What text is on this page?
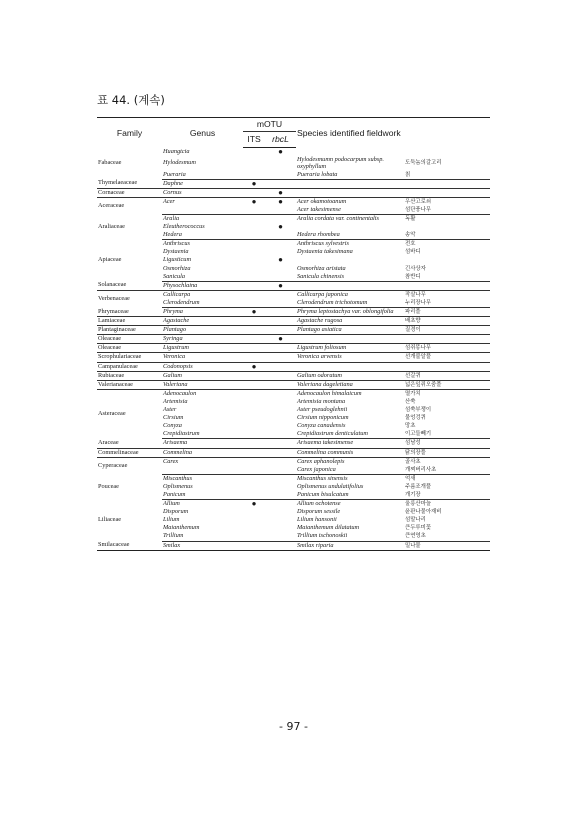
표 44. (계속)
Family	Genus	mOTU		Species identified fieldwork	
		ITS	rbcL		
Fabaceae	Huangtcia		●		
	Hylodesmum			Hylodesmumn podocarpum subsp. oxyphyllum	도둑놈의갈고리
	Pueraria			Pueraria lobata	칡
Thymelaeaceae	Daphne	●			
Cornaceae	Cornus		●		
Aceraceae	Acer	●	●	Acer okamotoanum	우산고로쇠
				Acer takesimense	섬단풍나무
Araliaceae	Aralia			Aralia cordata var. continentalis	독활
	Eleutherococcus		●		
	Hedera			Hedera rhombea	송악
Apiaceae	Anthriscus			Anthriscus sylvestris	전호
	Dystaenia			Dystaenia takesimana	섬바디
	Ligusticum		●		
	Osmorhiza			Osmorhiza aristata	긴사상자
	Sanicula			Sanicula chinensis	참반디
Solanaceae	Physochlaina		●		
Verbenaceae	Callicarpa			Callicarpa japonica	작살나무
	Clerodendrum			Clerodendrum trichotomum	누리장나무
Phrymaceae	Phryma	●		Phryma leptostachya var. oblongifolia	파리풀
Lamiaceae	Agastache			Agastache rugosa	배초향
Plantaginaceae	Plantago			Plantago asiatica	질경이
Oleaceae	Syringa		●		
Oleaceae	Ligustrum			Ligustrum foliosum	섬쥐똥나무
Scrophulariaceae	Veronica			Veronica arvensis	선개불알풀
Campanulaceae	Codonopsis	●			
Rubiaceae	Galium			Galium odoratum	선갈퀴
Valerianaceae	Valeriana			Valeriana dageletiana	넓은잎쥐오줌풀
Asteraceae	Adenocaulon			Adenocaulon himalaicum	멸가치
	Artemisia			Artemisia montana	산쑥
	Aster			Aster pseudoglehnii	섬쑥부쟁이
	Cirsium			Cirsium nipponicum	물엉겅퀴
	Conyza			Conyza canadensis	망초
	Crepidiastrum			Crepidiastrum denticulatum	이고들빼기
Araceae	Arisaema			Arisaema takesimense	섬남성
Commelinaceae	Commelina			Commelina communis	닭의장풀
Cyperaceae	Carex			Carex aphanolepis	골사초
				Carex japonica	개찌버리사초
Pouceae	Miscanthus			Miscanthus sinensis	억새
	Oplismenus			Oplismenus undulatifolius	주름조개풀
	Panicum			Panicum bisulcatum	개기장
Liliaceae	Allium	●		Allium ochotense	울릉산마늘
	Disporum			Disporum sessile	윤판나물아재비
	Lilium			Lilium hansonii	섬말나리
	Maianthemum			Maianthemum dilatatum	큰두루미꽃
	Trillium			Trillium tschonoskii	큰연영초
Smilacaceae	Smilax			Smilax riparia	밀나물
- 97 -
